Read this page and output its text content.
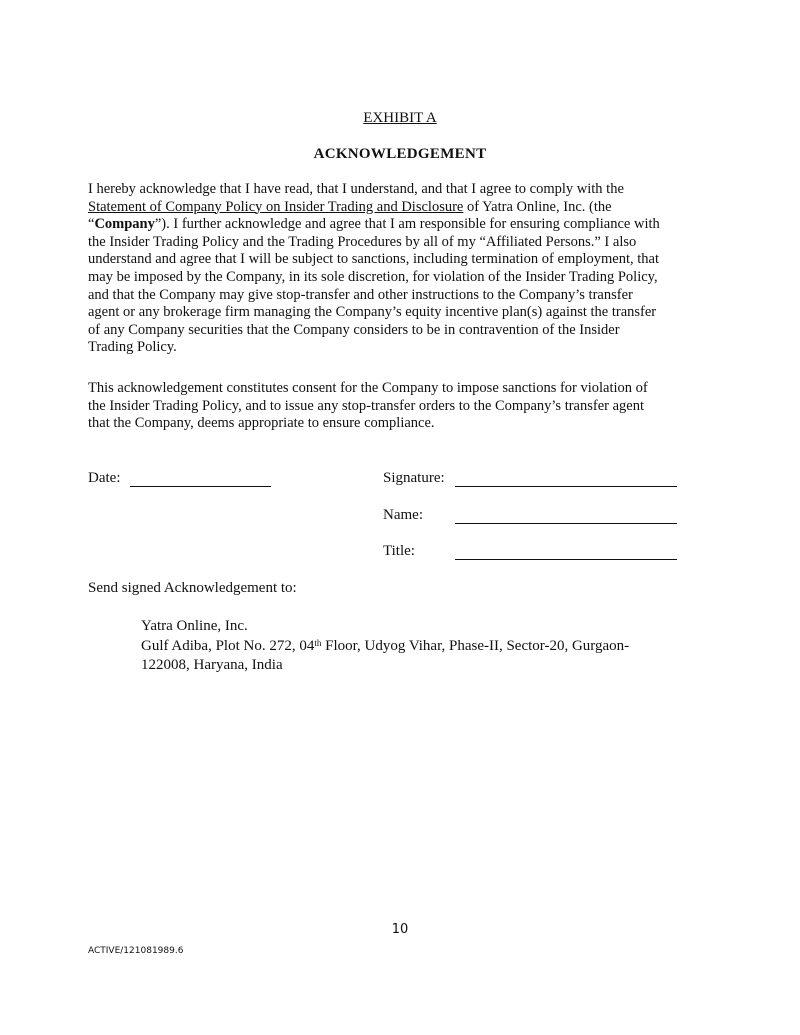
EXHIBIT A
ACKNOWLEDGEMENT
I hereby acknowledge that I have read, that I understand, and that I agree to comply with the
Statement of Company Policy on Insider Trading and Disclosure of Yatra Online, Inc. (the
“Company”). I further acknowledge and agree that I am responsible for ensuring compliance with
the Insider Trading Policy and the Trading Procedures by all of my “Affiliated Persons.” I also
understand and agree that I will be subject to sanctions, including termination of employment, that
may be imposed by the Company, in its sole discretion, for violation of the Insider Trading Policy,
and that the Company may give stop-transfer and other instructions to the Company’s transfer
agent or any brokerage firm managing the Company’s equity incentive plan(s) against the transfer
of any Company securities that the Company considers to be in contravention of the Insider
Trading Policy.
This acknowledgement constitutes consent for the Company to impose sanctions for violation of
the Insider Trading Policy, and to issue any stop-transfer orders to the Company’s transfer agent
that the Company, deems appropriate to ensure compliance.
Date:	Signature:
Name:
Title:
Send signed Acknowledgement to:
Yatra Online, Inc.
Gulf Adiba, Plot No. 272, 04th Floor, Udyog Vihar, Phase-II, Sector-20, Gurgaon-
122008, Haryana, India
10
ACTIVE/121081989.6
